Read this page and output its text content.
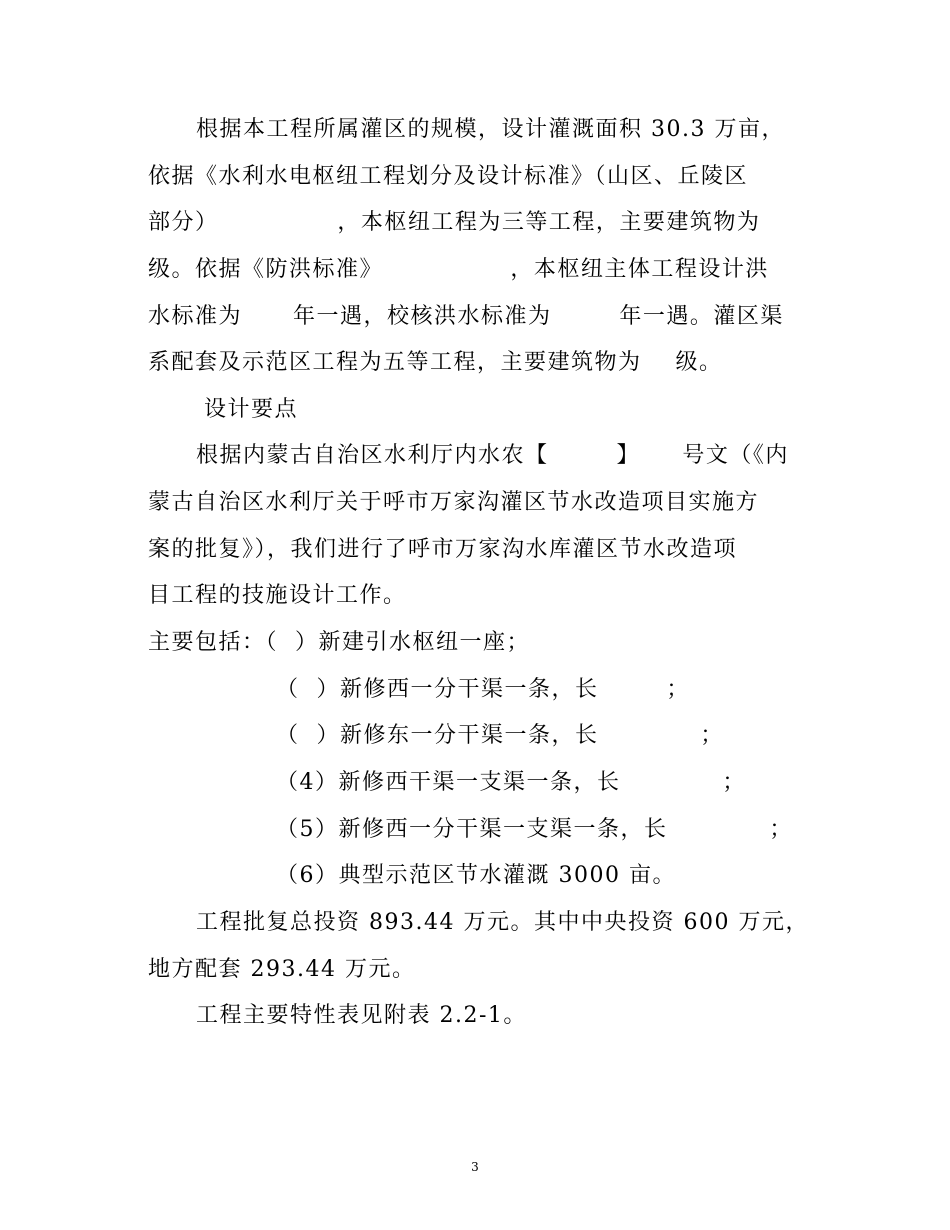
根据本工程所属灌区的规模，设计灌溉面积 30.3 万亩，
依据《水利水电枢纽工程划分及设计标准》（山区、丘陵区
部分）              ，本枢纽工程为三等工程，主要建筑物为
级。依据《防洪标准》               ，本枢纽主体工程设计洪
水标准为      年一遇，校核洪水标准为        年一遇。灌区渠
系配套及示范区工程为五等工程，主要建筑物为    级。
设计要点
根据内蒙古自治区水利厅内水农【        】     号文（《内
蒙古自治区水利厅关于呼市万家沟灌区节水改造项目实施方
案的批复》），我们进行了呼市万家沟水库灌区节水改造项
目工程的技施设计工作。
主要包括：（  ）新建引水枢纽一座；
（  ）新修西一分干渠一条，长        ；
（  ）新修东一分干渠一条，长            ；
（4）新修西干渠一支渠一条，长            ；
（5）新修西一分干渠一支渠一条，长            ；
（6）典型示范区节水灌溉 3000 亩。
工程批复总投资 893.44 万元。其中中央投资 600 万元，
地方配套 293.44 万元。
工程主要特性表见附表 2.2-1。
3
